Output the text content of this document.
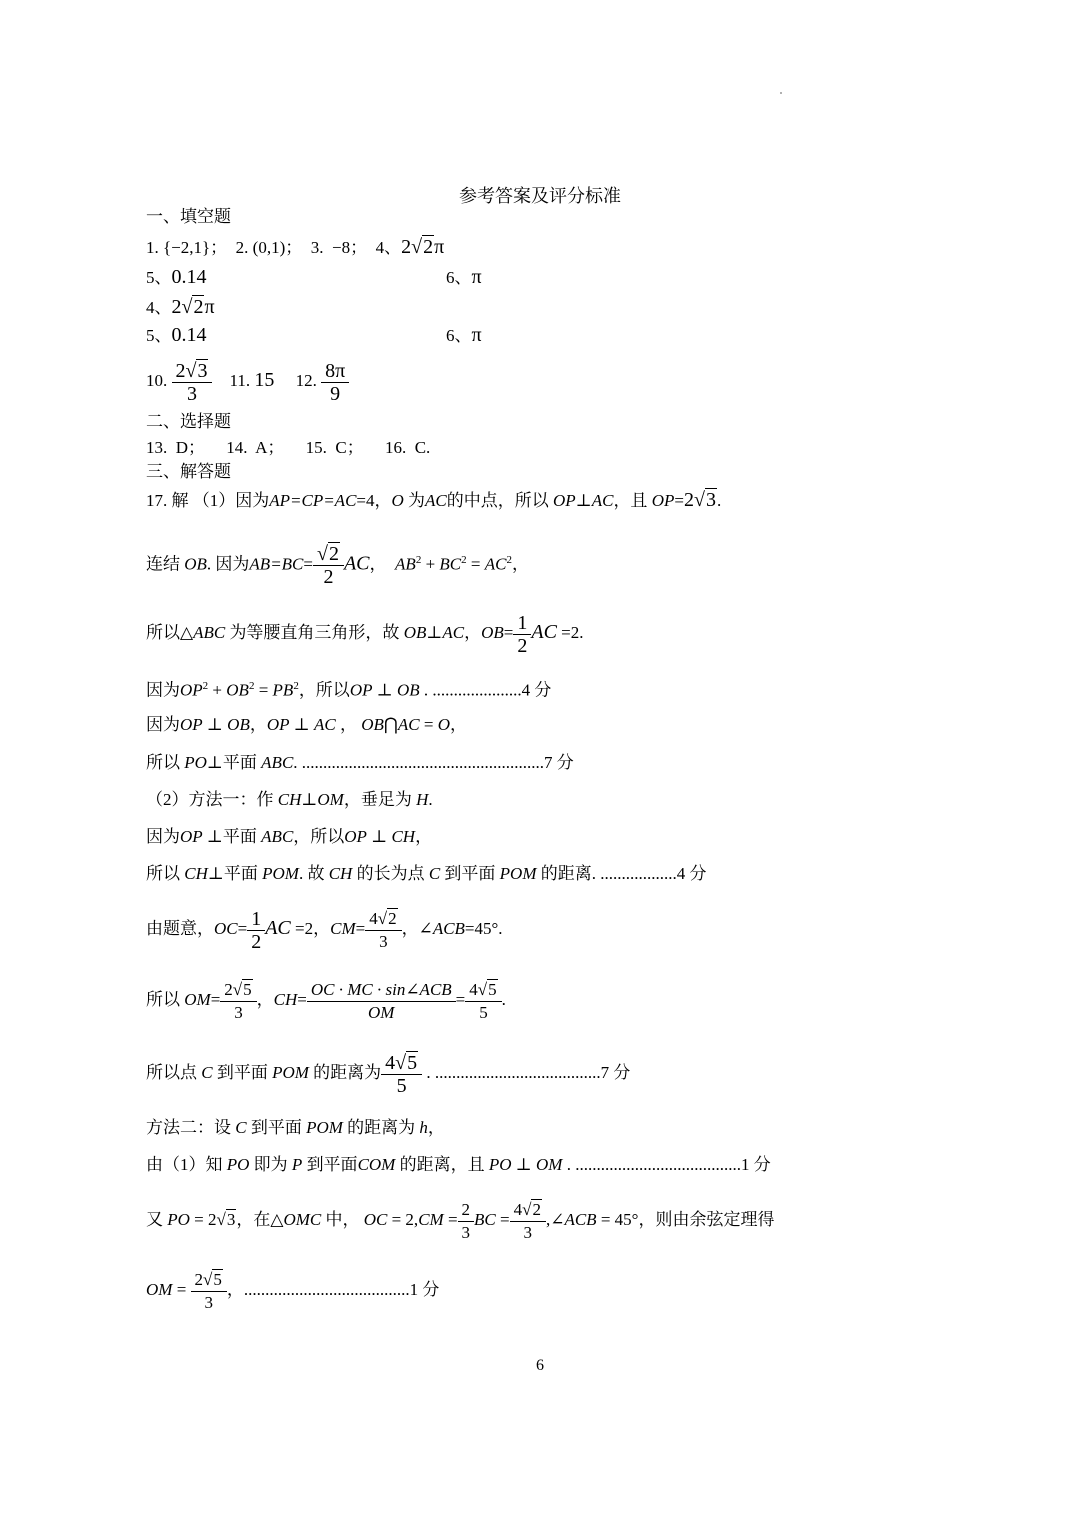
参考答案及评分标准
一、填空题
1. {−2,1}； 2. (0,1)； 3. −8； 4、2√2π
5、0.14	6、π
4、2√2π
5、0.14	6、π
10. $\frac{2√3}{3} 11$. 15 12. $\frac{8\pi}{9}$
二、选择题
13. D； 14. A； 15. C； 16. C.
三、解答题
17. 解 （1）因为AP=CP=AC=4，O 为AC的中点，所以 OP⊥AC，且 OP=2√3.
连结 OB. 因为$AB=BC= \frac{√2}{2}$ AC， $AB^2 + BC^2 = AC^2$，
所以△ABC 为等腰直角三角形，故 OB⊥AC，$OB= \frac{1}{2}$ AC =2.
因为$OP^2 + OB^2 = PB^2$，所以OP ⊥ OB . .....................4 分
因为OP ⊥ OB，OP ⊥ AC ， OB⋂AC = O，
所以 PO⊥平面 ABC. .........................................................7 分
（2）方法一：作 CH⊥OM，垂足为 H.
因为OP ⊥平面 ABC，所以OP ⊥ CH，
所以 CH⊥平面 POM. 故 CH 的长为点 C 到平面 POM 的距离. ..................4 分
由题意，$OC= \frac{1}{2}$ AC =2，$CM= \frac{4√2}{3}$ ，∠ACB=45°.
所以 $OM= \frac{2√5}{3}$ ，$CH= \frac{\text{OC · MC · sin∠ACB}}{OM} = \frac{4√5}{5}$ .
所以点 C 到平面 POM 的距离为 $\frac{4√5}{5}$ . .......................................7 分
方法二：设 C 到平面 POM 的距离为 h，
由（1）知 PO 即为 P 到平面COM 的距离，且 PO ⊥ OM . .......................................1 分
又 PO = 2√3，在△OMC 中， OC = $2,CM = \frac{2}{3}$ BC = $\frac{4√2}{3}$ ,∠ACB = 45°，则由余弦定理得
OM = $\frac{2√5}{3}$ ，.......................................1 分
6
